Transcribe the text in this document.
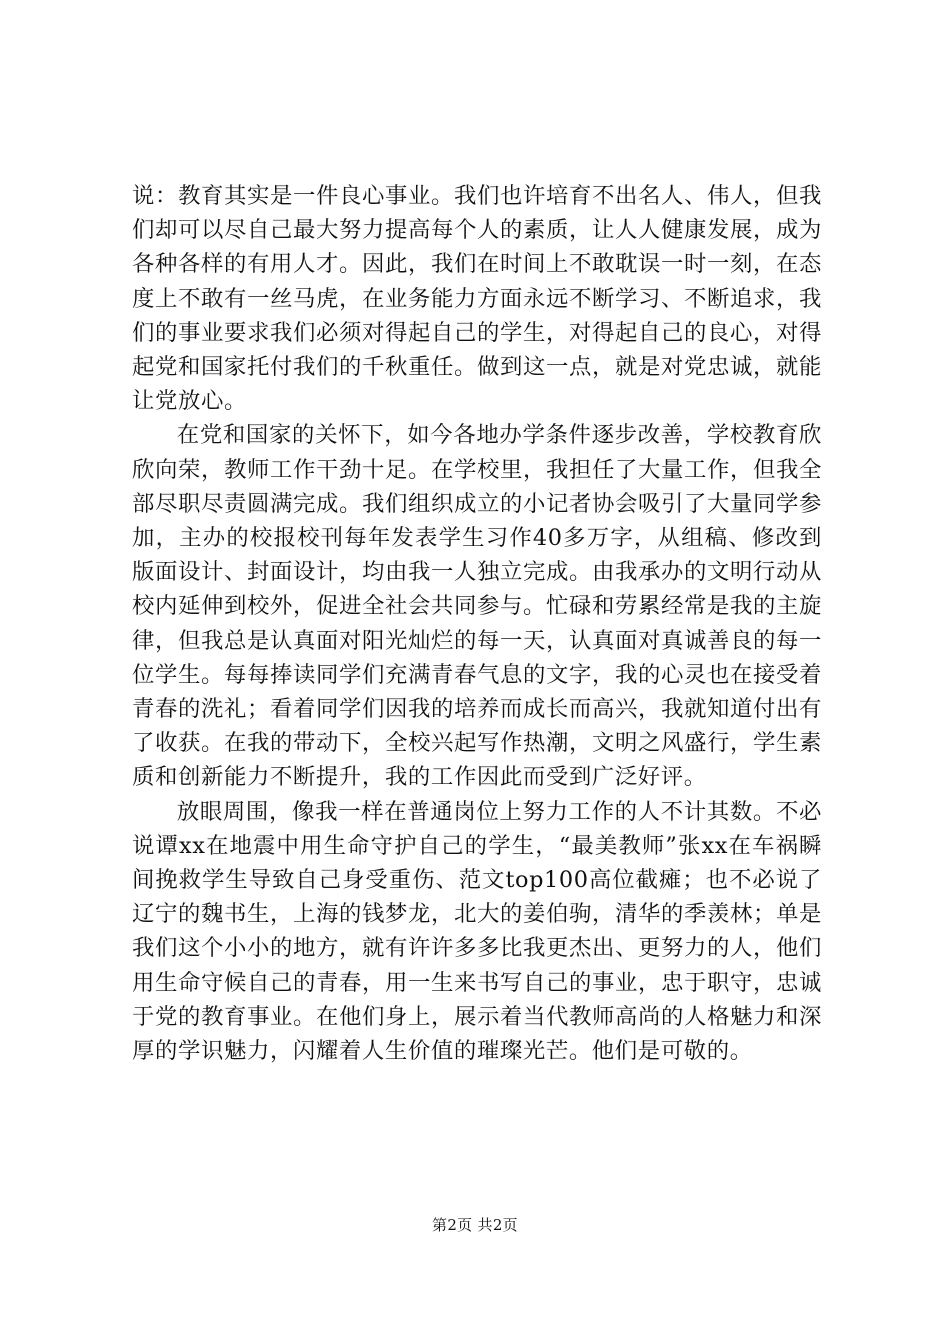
说：教育其实是一件良心事业。我们也许培育不出名人、伟人，但我们却可以尽自己最大努力提高每个人的素质，让人人健康发展，成为各种各样的有用人才。因此，我们在时间上不敢耽误一时一刻，在态度上不敢有一丝马虎，在业务能力方面永远不断学习、不断追求，我们的事业要求我们必须对得起自己的学生，对得起自己的良心，对得起党和国家托付我们的千秋重任。做到这一点，就是对党忠诚，就能让党放心。

在党和国家的关怀下，如今各地办学条件逐步改善，学校教育欣欣向荣，教师工作干劲十足。在学校里，我担任了大量工作，但我全部尽职尽责圆满完成。我们组织成立的小记者协会吸引了大量同学参加，主办的校报校刊每年发表学生习作40多万字，从组稿、修改到版面设计、封面设计，均由我一人独立完成。由我承办的文明行动从校内延伸到校外，促进全社会共同参与。忙碌和劳累经常是我的主旋律，但我总是认真面对阳光灿烂的每一天，认真面对真诚善良的每一位学生。每每捧读同学们充满青春气息的文字，我的心灵也在接受着青春的洗礼；看着同学们因我的培养而成长而高兴，我就知道付出有了收获。在我的带动下，全校兴起写作热潮，文明之风盛行，学生素质和创新能力不断提升，我的工作因此而受到广泛好评。

放眼周围，像我一样在普通岗位上努力工作的人不计其数。不必说谭xx在地震中用生命守护自己的学生，“最美教师”张xx在车祸瞬间挽救学生导致自己身受重伤、范文top100高位截瘫；也不必说了辽宁的魏书生，上海的钱梦龙，北大的姜伯驹，清华的季羡林；单是我们这个小小的地方，就有许许多多比我更杰出、更努力的人，他们用生命守候自己的青春，用一生来书写自己的事业，忠于职守，忠诚于党的教育事业。在他们身上，展示着当代教师高尚的人格魅力和深厚的学识魅力，闪耀着人生价值的璀璨光芒。他们是可敬的。

第2页 共2页
